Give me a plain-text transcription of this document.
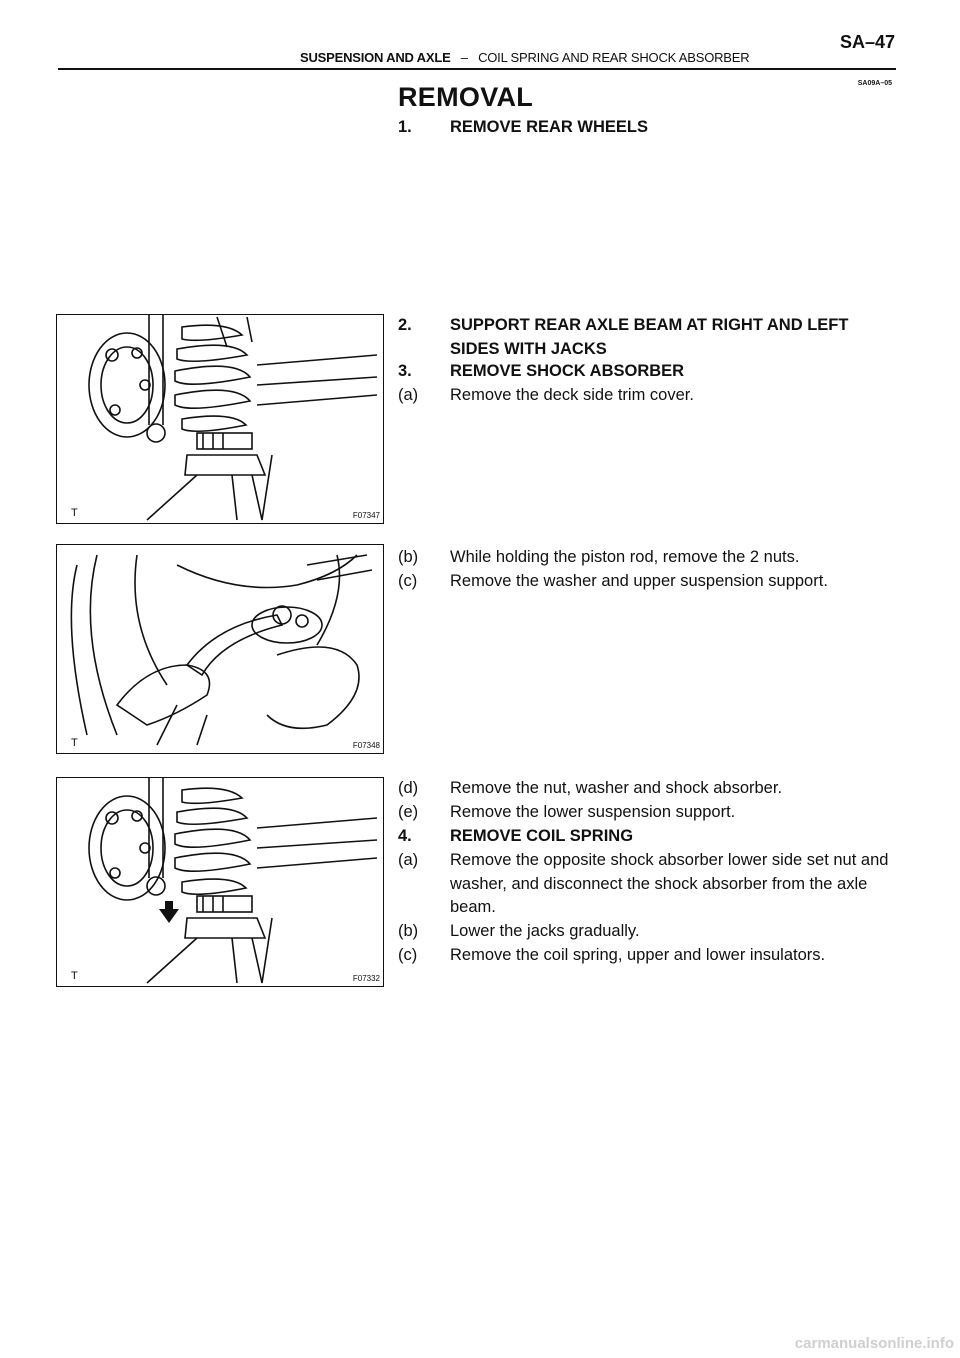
SA–47
SUSPENSION AND AXLE – COIL SPRING AND REAR SHOCK ABSORBER
SA09A–05
REMOVAL
1. REMOVE REAR WHEELS
2. SUPPORT REAR AXLE BEAM AT RIGHT AND LEFT SIDES WITH JACKS
3. REMOVE SHOCK ABSORBER
(a) Remove the deck side trim cover.
(b) While holding the piston rod, remove the 2 nuts.
(c) Remove the washer and upper suspension support.
(d) Remove the nut, washer and shock absorber.
(e) Remove the lower suspension support.
4. REMOVE COIL SPRING
(a) Remove the opposite shock absorber lower side set nut and washer, and disconnect the shock absorber from the axle beam.
(b) Lower the jacks gradually.
(c) Remove the coil spring, upper and lower insulators.
T	F07347
T	F07348
T	F07332
carmanualsonline.info
